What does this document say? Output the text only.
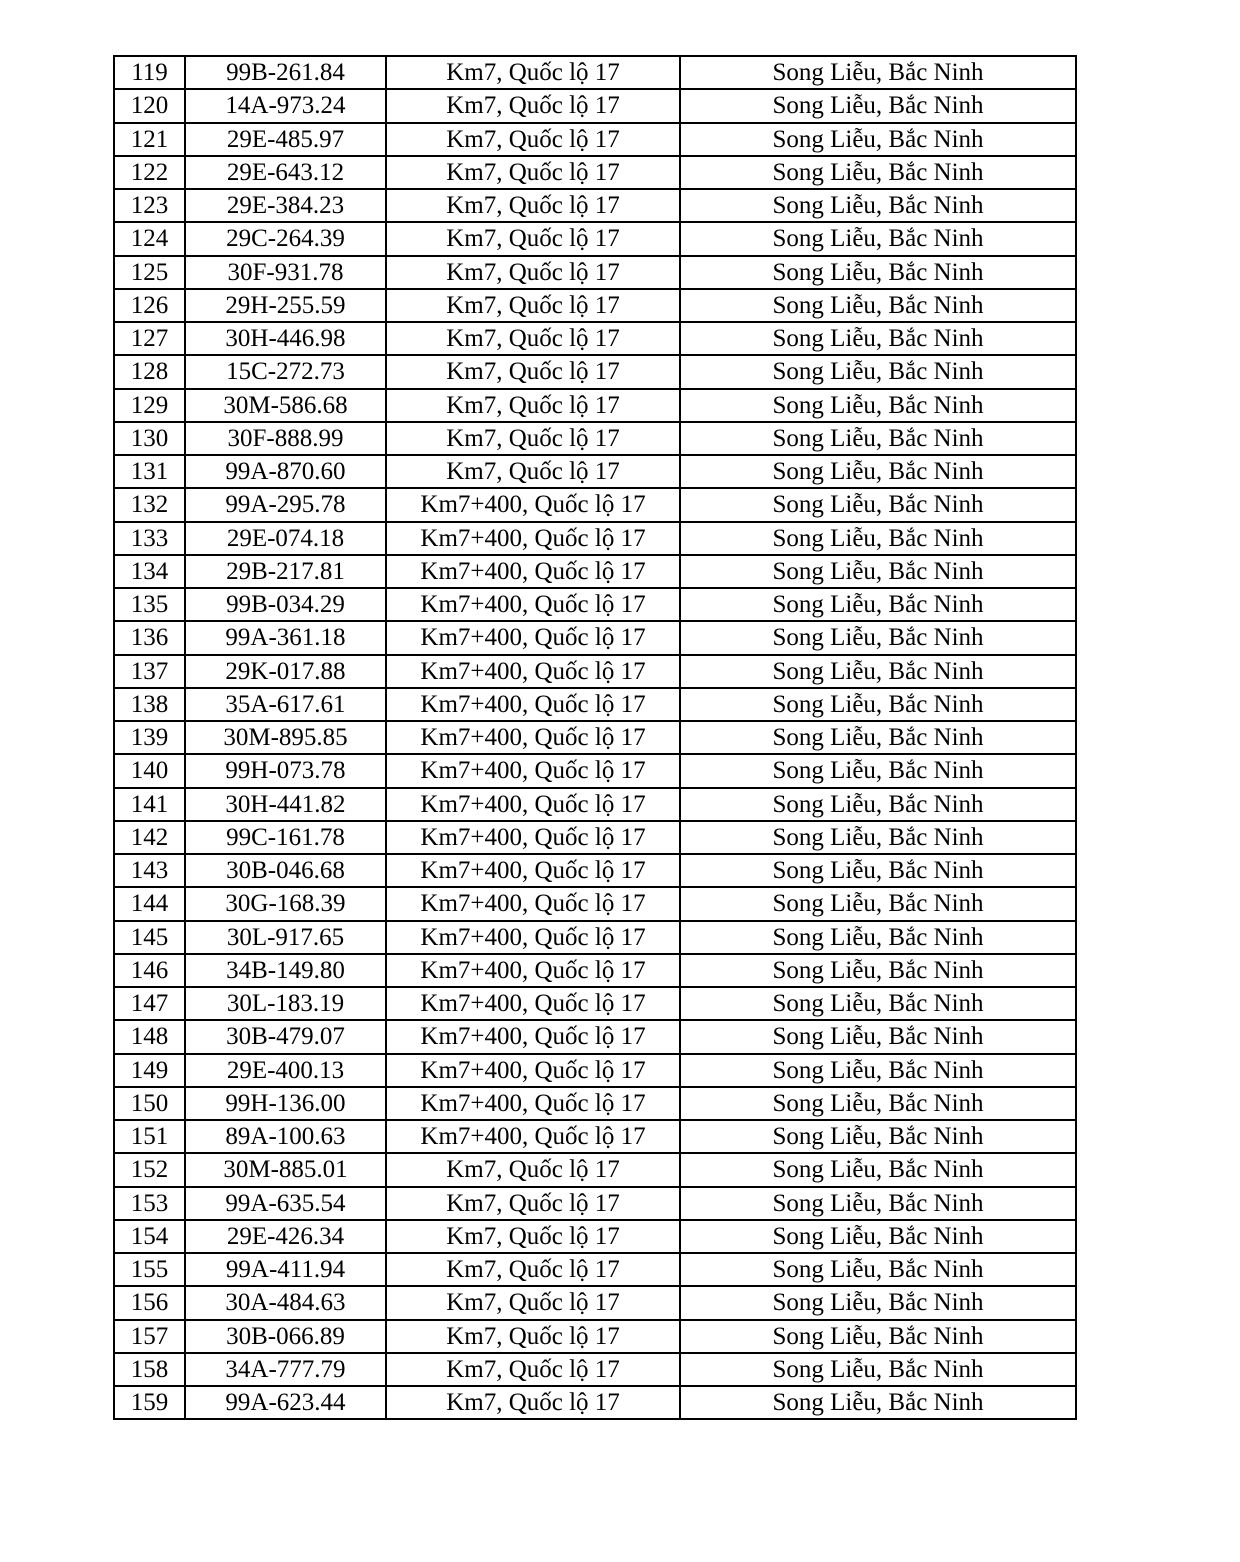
119	99B-261.84	Km7, Quốc lộ 17	Song Liễu, Bắc Ninh
120	14A-973.24	Km7, Quốc lộ 17	Song Liễu, Bắc Ninh
121	29E-485.97	Km7, Quốc lộ 17	Song Liễu, Bắc Ninh
122	29E-643.12	Km7, Quốc lộ 17	Song Liễu, Bắc Ninh
123	29E-384.23	Km7, Quốc lộ 17	Song Liễu, Bắc Ninh
124	29C-264.39	Km7, Quốc lộ 17	Song Liễu, Bắc Ninh
125	30F-931.78	Km7, Quốc lộ 17	Song Liễu, Bắc Ninh
126	29H-255.59	Km7, Quốc lộ 17	Song Liễu, Bắc Ninh
127	30H-446.98	Km7, Quốc lộ 17	Song Liễu, Bắc Ninh
128	15C-272.73	Km7, Quốc lộ 17	Song Liễu, Bắc Ninh
129	30M-586.68	Km7, Quốc lộ 17	Song Liễu, Bắc Ninh
130	30F-888.99	Km7, Quốc lộ 17	Song Liễu, Bắc Ninh
131	99A-870.60	Km7, Quốc lộ 17	Song Liễu, Bắc Ninh
132	99A-295.78	Km7+400, Quốc lộ 17	Song Liễu, Bắc Ninh
133	29E-074.18	Km7+400, Quốc lộ 17	Song Liễu, Bắc Ninh
134	29B-217.81	Km7+400, Quốc lộ 17	Song Liễu, Bắc Ninh
135	99B-034.29	Km7+400, Quốc lộ 17	Song Liễu, Bắc Ninh
136	99A-361.18	Km7+400, Quốc lộ 17	Song Liễu, Bắc Ninh
137	29K-017.88	Km7+400, Quốc lộ 17	Song Liễu, Bắc Ninh
138	35A-617.61	Km7+400, Quốc lộ 17	Song Liễu, Bắc Ninh
139	30M-895.85	Km7+400, Quốc lộ 17	Song Liễu, Bắc Ninh
140	99H-073.78	Km7+400, Quốc lộ 17	Song Liễu, Bắc Ninh
141	30H-441.82	Km7+400, Quốc lộ 17	Song Liễu, Bắc Ninh
142	99C-161.78	Km7+400, Quốc lộ 17	Song Liễu, Bắc Ninh
143	30B-046.68	Km7+400, Quốc lộ 17	Song Liễu, Bắc Ninh
144	30G-168.39	Km7+400, Quốc lộ 17	Song Liễu, Bắc Ninh
145	30L-917.65	Km7+400, Quốc lộ 17	Song Liễu, Bắc Ninh
146	34B-149.80	Km7+400, Quốc lộ 17	Song Liễu, Bắc Ninh
147	30L-183.19	Km7+400, Quốc lộ 17	Song Liễu, Bắc Ninh
148	30B-479.07	Km7+400, Quốc lộ 17	Song Liễu, Bắc Ninh
149	29E-400.13	Km7+400, Quốc lộ 17	Song Liễu, Bắc Ninh
150	99H-136.00	Km7+400, Quốc lộ 17	Song Liễu, Bắc Ninh
151	89A-100.63	Km7+400, Quốc lộ 17	Song Liễu, Bắc Ninh
152	30M-885.01	Km7, Quốc lộ 17	Song Liễu, Bắc Ninh
153	99A-635.54	Km7, Quốc lộ 17	Song Liễu, Bắc Ninh
154	29E-426.34	Km7, Quốc lộ 17	Song Liễu, Bắc Ninh
155	99A-411.94	Km7, Quốc lộ 17	Song Liễu, Bắc Ninh
156	30A-484.63	Km7, Quốc lộ 17	Song Liễu, Bắc Ninh
157	30B-066.89	Km7, Quốc lộ 17	Song Liễu, Bắc Ninh
158	34A-777.79	Km7, Quốc lộ 17	Song Liễu, Bắc Ninh
159	99A-623.44	Km7, Quốc lộ 17	Song Liễu, Bắc Ninh
